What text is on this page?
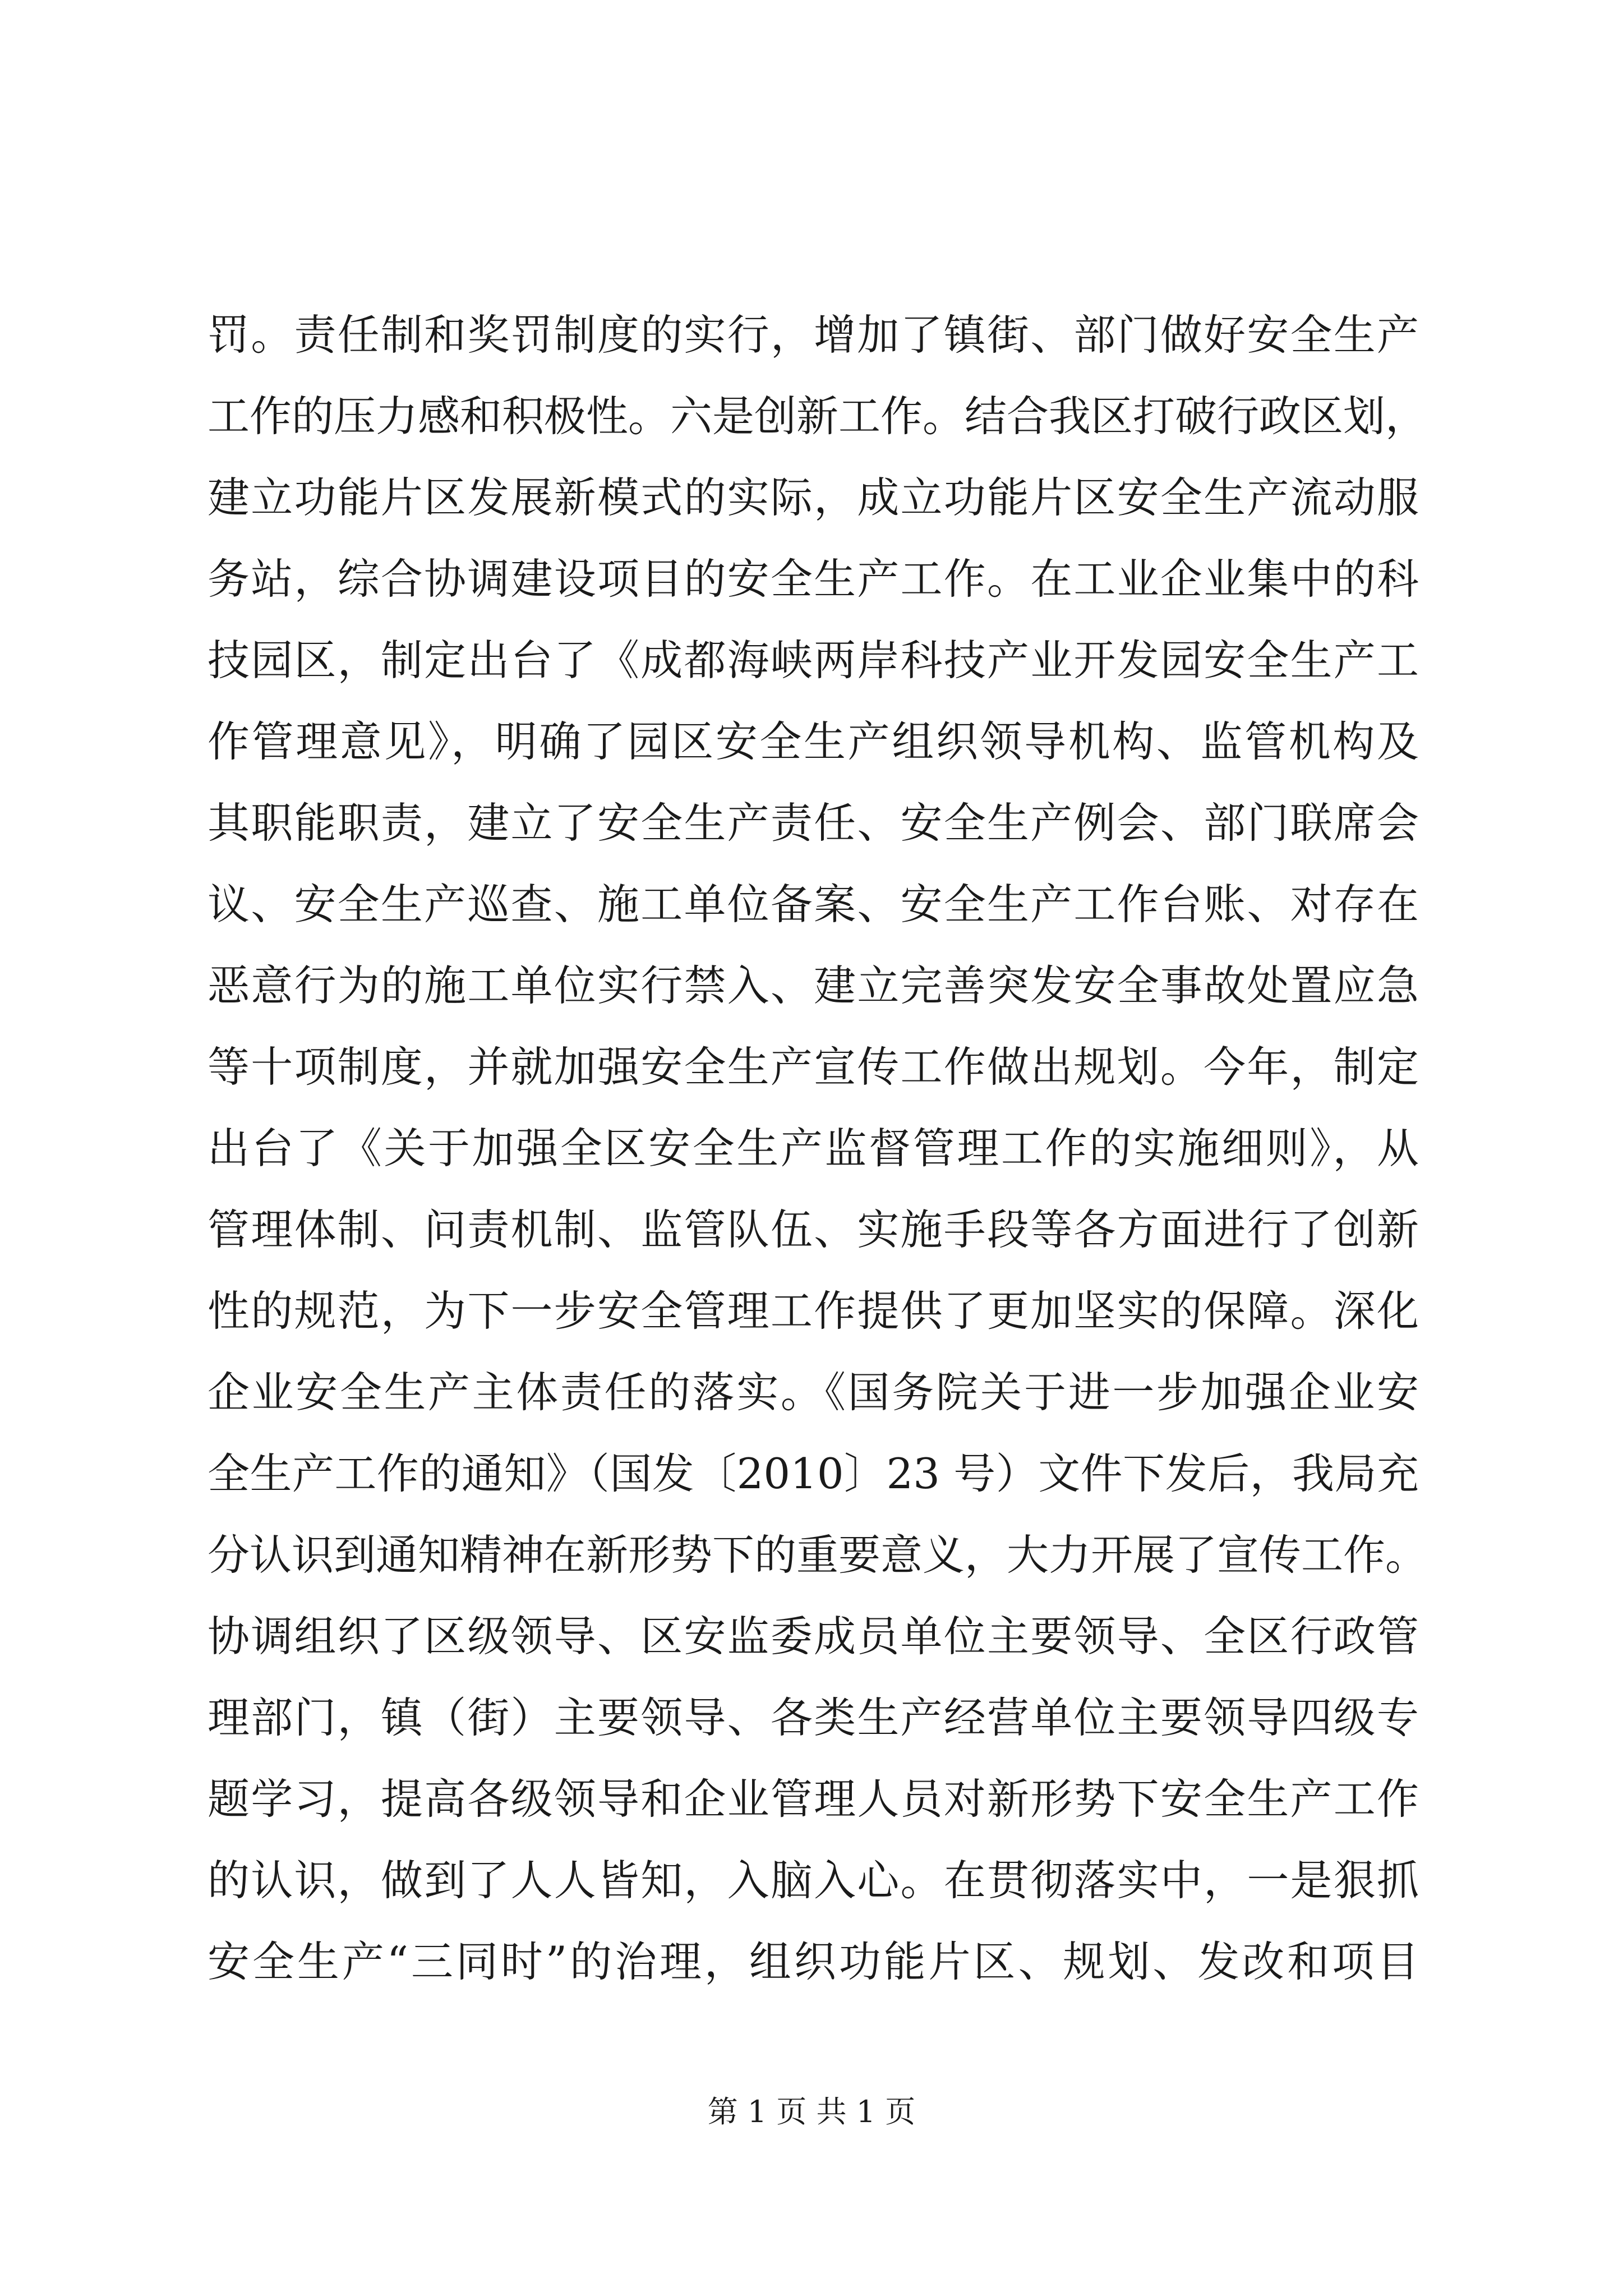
罚。责任制和奖罚制度的实行，增加了镇街、部门做好安全生产
工作的压力感和积极性。六是创新工作。结合我区打破行政区划，
建立功能片区发展新模式的实际，成立功能片区安全生产流动服
务站，综合协调建设项目的安全生产工作。在工业企业集中的科
技园区，制定出台了《成都海峡两岸科技产业开发园安全生产工
作管理意见》，明确了园区安全生产组织领导机构、监管机构及
其职能职责，建立了安全生产责任、安全生产例会、部门联席会
议、安全生产巡查、施工单位备案、安全生产工作台账、对存在
恶意行为的施工单位实行禁入、建立完善突发安全事故处置应急
等十项制度，并就加强安全生产宣传工作做出规划。今年，制定
出台了《关于加强全区安全生产监督管理工作的实施细则》，从
管理体制、问责机制、监管队伍、实施手段等各方面进行了创新
性的规范，为下一步安全管理工作提供了更加坚实的保障。深化
企业安全生产主体责任的落实。《国务院关于进一步加强企业安
全生产工作的通知》（国发〔2010〕23 号）文件下发后，我局充
分认识到通知精神在新形势下的重要意义，大力开展了宣传工作。
协调组织了区级领导、区安监委成员单位主要领导、全区行政管
理部门，镇（街）主要领导、各类生产经营单位主要领导四级专
题学习，提高各级领导和企业管理人员对新形势下安全生产工作
的认识，做到了人人皆知，入脑入心。在贯彻落实中，一是狠抓
安全生产“三同时”的治理，组织功能片区、规划、发改和项目
第 1 页 共 1 页
